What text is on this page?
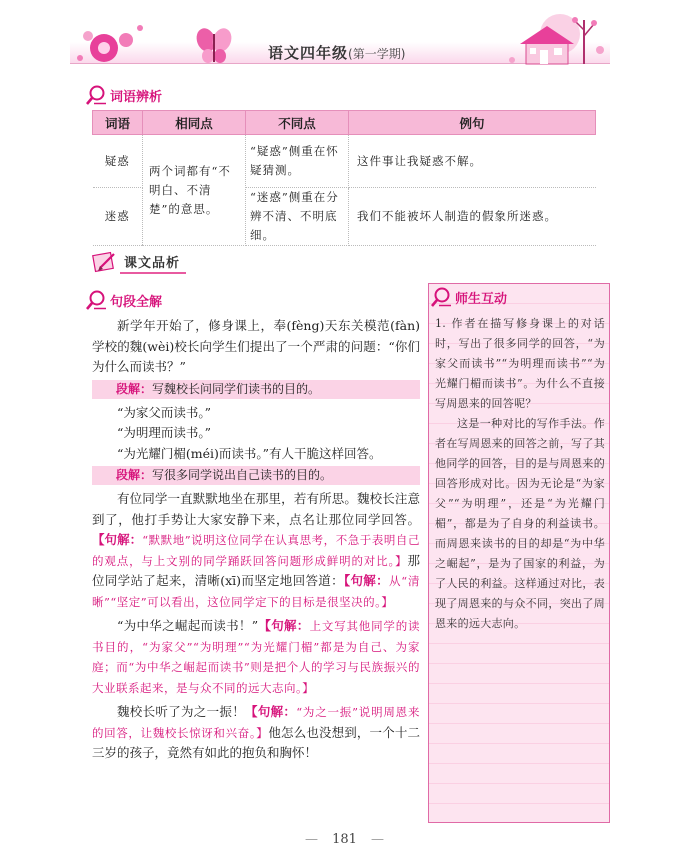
语文四年级(第一学期)
词语辨析
词语	相同点	不同点	例句
疑惑	两个词都有“不明白、不清楚”的意思。	“疑惑”侧重在怀疑猜测。	这件事让我疑惑不解。
迷惑		“迷惑”侧重在分辨不清、不明底细。	我们不能被坏人制造的假象所迷惑。
课文品析
句段全解

新学年开始了，修身课上，奉(fèng)天东关模范(fàn)学校的魏(wèi)校长向学生们提出了一个严肃的问题：“你们为什么而读书？”

段解：写魏校长问同学们读书的目的。

“为家父而读书。”

“为明理而读书。”

“为光耀门楣(méi)而读书。”有人干脆这样回答。

段解：写很多同学说出自己读书的目的。

有位同学一直默默地坐在那里，若有所思。魏校长注意到了，他打手势让大家安静下来，点名让那位同学回答。【句解：“默默地”说明这位同学在认真思考，不急于表明自己的观点，与上文别的同学踊跃回答问题形成鲜明的对比。】那位同学站了起来，清晰(xī)而坚定地回答道：【句解：从“清晰”“坚定”可以看出，这位同学定下的目标是很坚决的。】

“为中华之崛起而读书！”【句解：上文写其他同学的读书目的，“为家父”“为明理”“为光耀门楣”都是为自己、为家庭；而“为中华之崛起而读书”则是把个人的学习与民族振兴的大业联系起来，是与众不同的远大志向。】

魏校长听了为之一振！【句解：“为之一振”说明周恩来的回答，让魏校长惊讶和兴奋。】他怎么也没想到，一个十二三岁的孩子，竟然有如此的抱负和胸怀！

师生互动

1. 作者在描写修身课上的对话时，写出了很多同学的回答，“为家父而读书”“为明理而读书”“为光耀门楣而读书”。为什么不直接写周恩来的回答呢？

这是一种对比的写作手法。作者在写周恩来的回答之前，写了其他同学的回答，目的是与周恩来的回答形成对比。因为无论是“为家父”“为明理”，还是“为光耀门楣”，都是为了自身的利益读书。而周恩来读书的目的却是“为中华之崛起”，是为了国家的利益，为了人民的利益。这样通过对比，表现了周恩来的与众不同，突出了周恩来的远大志向。

— 181 —
